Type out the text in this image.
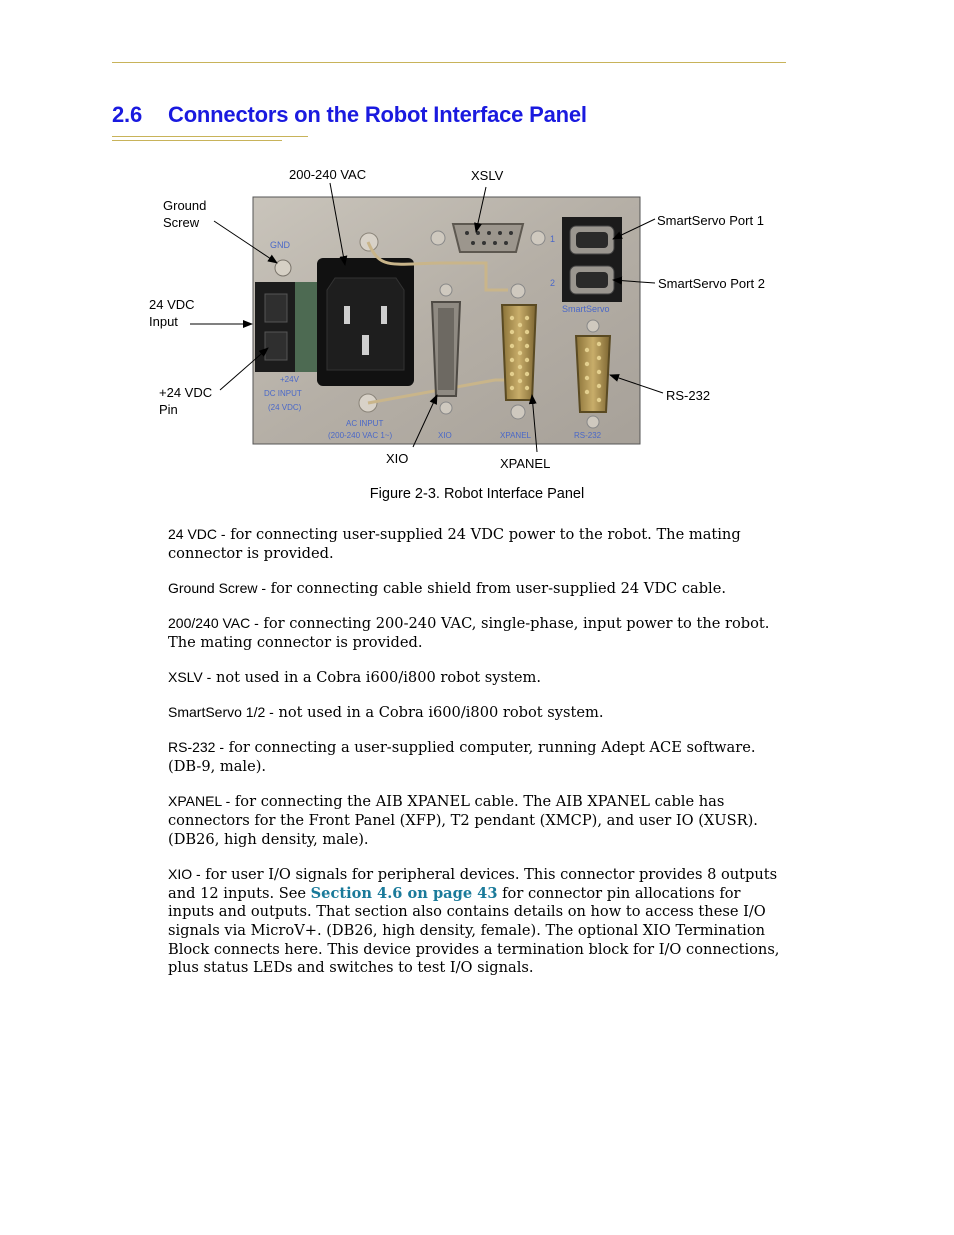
2.6 Connectors on the Robot Interface Panel
GND
1
2
SmartServo
+24V
DC INPUT
(24 VDC)
AC INPUT
(200-240 VAC 1~)	XIO	XPANEL	RS-232
Ground
Screw
200-240 VAC	XSLV
SmartServo Port 1
SmartServo Port 2
24 VDC
Input
+24 VDC
Pin
RS-232
XIO	XPANEL
Figure 2-3. Robot Interface Panel

24 VDC - for connecting user-supplied 24 VDC power to the robot. The mating connector is provided.

Ground Screw - for connecting cable shield from user-supplied 24 VDC cable.

200/240 VAC - for connecting 200-240 VAC, single-phase, input power to the robot. The mating connector is provided.

XSLV - not used in a Cobra i600/i800 robot system.

SmartServo 1/2 - not used in a Cobra i600/i800 robot system.

RS-232 - for connecting a user-supplied computer, running Adept ACE software. (DB-9, male).

XPANEL - for connecting the AIB XPANEL cable. The AIB XPANEL cable has connectors for the Front Panel (XFP), T2 pendant (XMCP), and user IO (XUSR). (DB26, high density, male).

XIO - for user I/O signals for peripheral devices. This connector provides 8 outputs and 12 inputs. See Section 4.6 on page 43 for connector pin allocations for inputs and outputs. That section also contains details on how to access these I/O signals via MicroV+. (DB26, high density, female). The optional XIO Termination Block connects here. This device provides a termination block for I/O connections, plus status LEDs and switches to test I/O signals.
